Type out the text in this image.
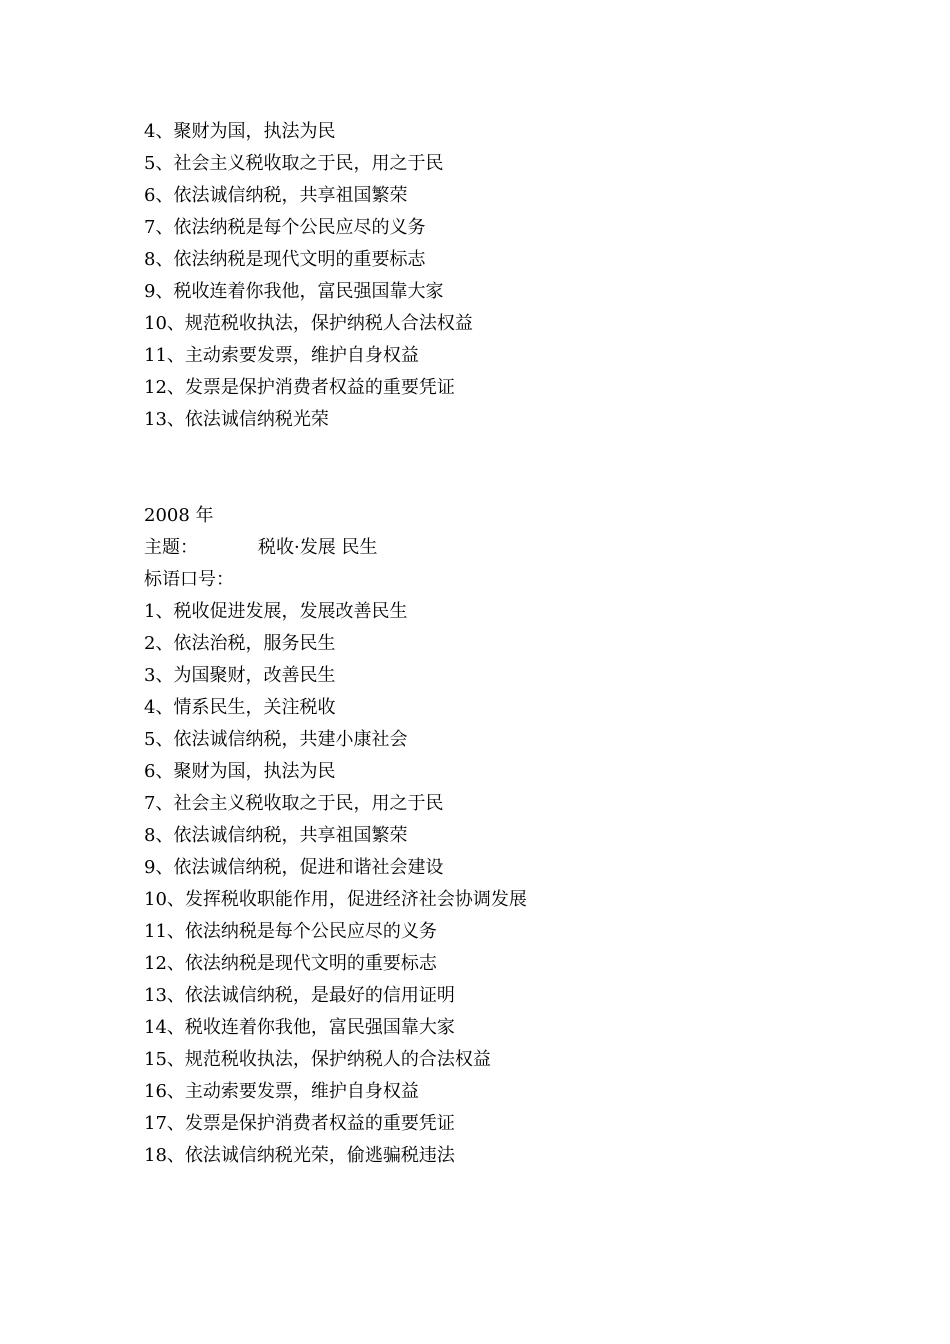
4、聚财为国，执法为民
5、社会主义税收取之于民，用之于民
6、依法诚信纳税，共享祖国繁荣
7、依法纳税是每个公民应尽的义务
8、依法纳税是现代文明的重要标志
9、税收连着你我他，富民强国靠大家
10、规范税收执法，保护纳税人合法权益
11、主动索要发票，维护自身权益
12、发票是保护消费者权益的重要凭证
13、依法诚信纳税光荣
2008 年
主题：	税收·发展 民生
标语口号：
1、税收促进发展，发展改善民生
2、依法治税，服务民生
3、为国聚财，改善民生
4、情系民生，关注税收
5、依法诚信纳税，共建小康社会
6、聚财为国，执法为民
7、社会主义税收取之于民，用之于民
8、依法诚信纳税，共享祖国繁荣
9、依法诚信纳税，促进和谐社会建设
10、发挥税收职能作用，促进经济社会协调发展
11、依法纳税是每个公民应尽的义务
12、依法纳税是现代文明的重要标志
13、依法诚信纳税，是最好的信用证明
14、税收连着你我他，富民强国靠大家
15、规范税收执法，保护纳税人的合法权益
16、主动索要发票，维护自身权益
17、发票是保护消费者权益的重要凭证
18、依法诚信纳税光荣，偷逃骗税违法
